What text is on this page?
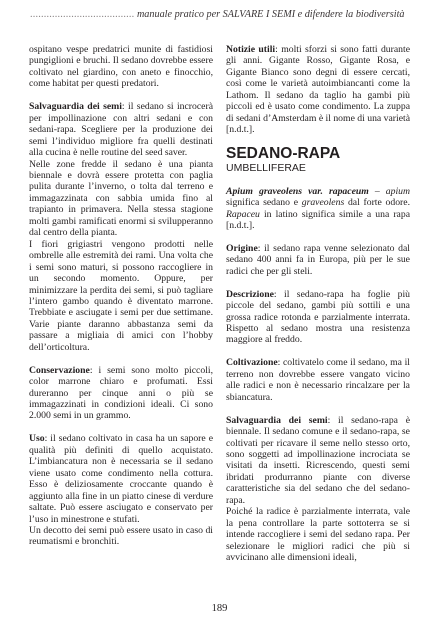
...................................... manuale pratico per SALVARE I SEMI e difendere la biodiversità

ospitano vespe predatrici munite di fastidiosi pungiglioni e bruchi. Il sedano dovrebbe essere coltivato nel giardino, con aneto e finocchio, come habitat per questi predatori.

Salvaguardia dei semi: il sedano si incrocerà per impollinazione con altri sedani e con sedani-rapa. Scegliere per la produzione dei semi l’individuo migliore fra quelli destinati alla cucina è nelle routine del seed saver.

Nelle zone fredde il sedano è una pianta biennale e dovrà essere protetta con paglia pulita durante l’inverno, o tolta dal terreno e immagazzinata con sabbia umida fino al trapianto in primavera. Nella stessa stagione molti gambi ramificati enormi si svilupperanno dal centro della pianta.

I fiori grigiastri vengono prodotti nelle ombrelle alle estremità dei rami. Una volta che i semi sono maturi, si possono raccogliere in un secondo momento. Oppure, per minimizzare la perdita dei semi, si può tagliare l’intero gambo quando è diventato marrone. Trebbiate e asciugate i semi per due settimane. Varie piante daranno abbastanza semi da passare a migliaia di amici con l’hobby dell’orticoltura.

Conservazione: i semi sono molto piccoli, color marrone chiaro e profumati. Essi dureranno per cinque anni o più se immagazzinati in condizioni ideali. Ci sono 2.000 semi in un grammo.

Uso: il sedano coltivato in casa ha un sapore e qualità più definiti di quello acquistato. L’imbiancatura non è necessaria se il sedano viene usato come condimento nella cottura. Esso è deliziosamente croccante quando è aggiunto alla fine in un piatto cinese di verdure saltate. Può essere asciugato e conservato per l’uso in minestrone e stufati.

Un decotto dei semi può essere usato in caso di reumatismi e bronchiti.

Notizie utili: molti sforzi si sono fatti durante gli anni. Gigante Rosso, Gigante Rosa, e Gigante Bianco sono degni di essere cercati, così come le varietà autoimbiancanti come la Lathom. Il sedano da taglio ha gambi più piccoli ed è usato come condimento. La zuppa di sedani d’Amsterdam è il nome di una varietà [n.d.t.].

SEDANO-RAPA
UMBELLIFERAE

Apium graveolens var. rapaceum – apium significa sedano e graveolens dal forte odore. Rapaceu in latino significa simile a una rapa [n.d.t.].

Origine: il sedano rapa venne selezionato dal sedano 400 anni fa in Europa, più per le sue radici che per gli steli.

Descrizione: il sedano-rapa ha foglie più piccole del sedano, gambi più sottili e una grossa radice rotonda e parzialmente interrata. Rispetto al sedano mostra una resistenza maggiore al freddo.

Coltivazione: coltivatelo come il sedano, ma il terreno non dovrebbe essere vangato vicino alle radici e non è necessario rincalzare per la sbiancatura.

Salvaguardia dei semi: il sedano-rapa è biennale. Il sedano comune e il sedano-rapa, se coltivati per ricavare il seme nello stesso orto, sono soggetti ad impollinazione incrociata se visitati da insetti. Ricrescendo, questi semi ibridati produrranno piante con diverse caratteristiche sia del sedano che del sedano-rapa.

Poiché la radice è parzialmente interrata, vale la pena controllare la parte sottoterra se si intende raccogliere i semi del sedano rapa. Per selezionare le migliori radici che più si avvicinano alle dimensioni ideali,

189
